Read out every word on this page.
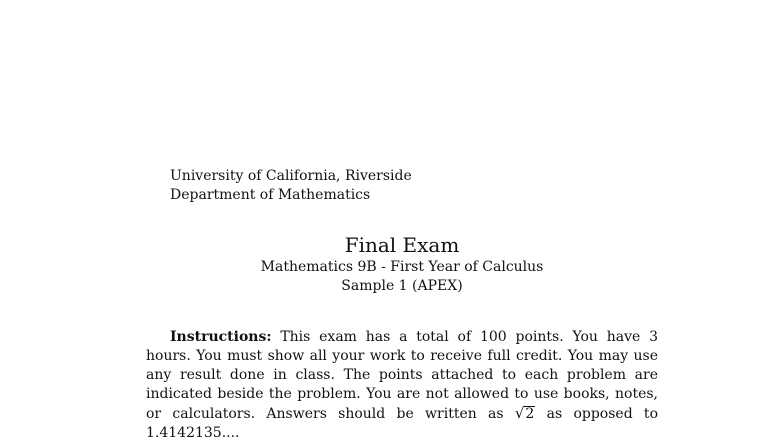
University of California, Riverside
Department of Mathematics
Final Exam
Mathematics 9B - First Year of Calculus
Sample 1 (APEX)

Instructions: This exam has a total of 100 points. You have 3 hours. You must show all your work to receive full credit. You may use any result done in class. The points attached to each problem are indicated beside the problem. You are not allowed to use books, notes, or calculators. Answers should be written as √2 as opposed to 1.4142135....
